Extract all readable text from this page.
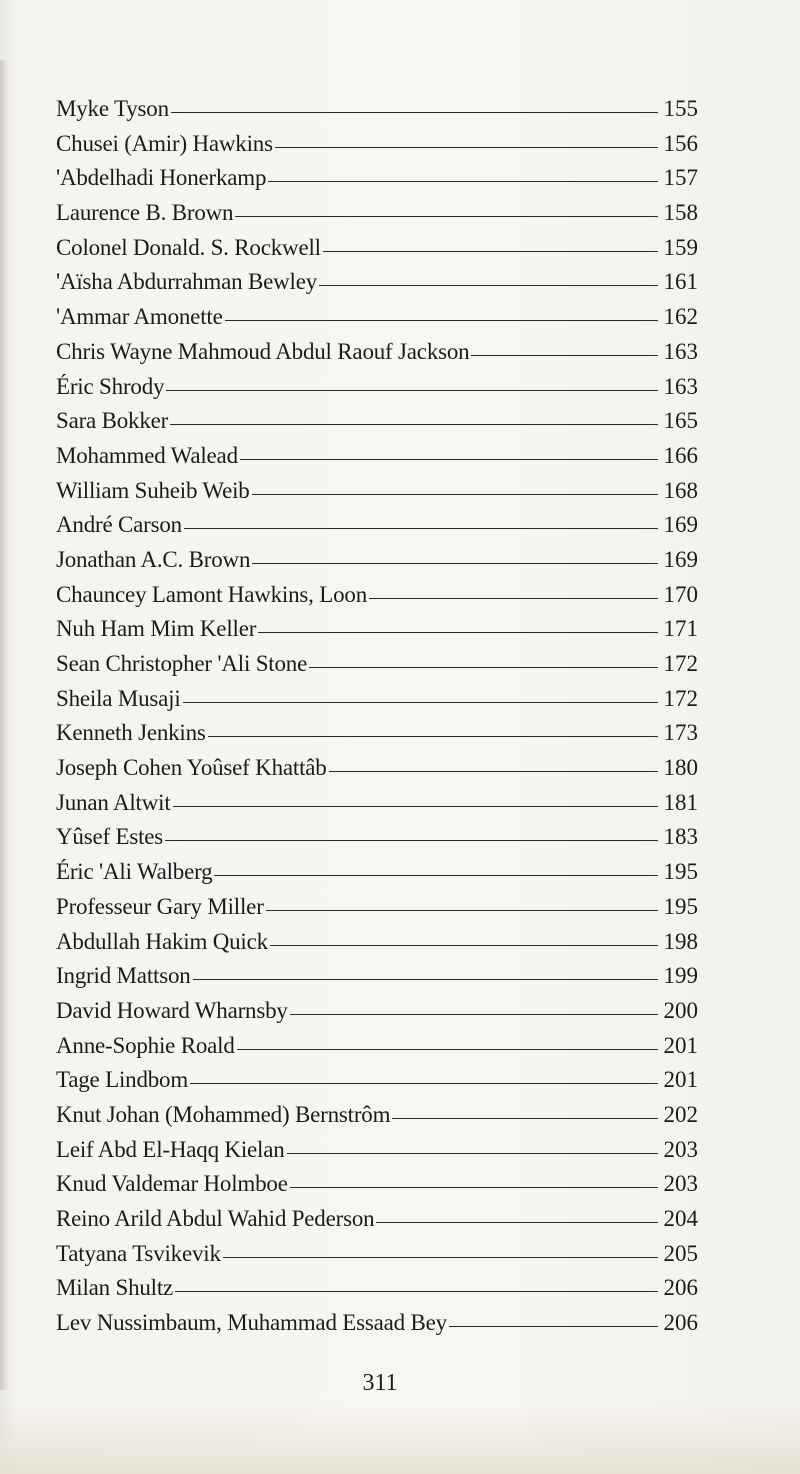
Myke Tyson	155
Chusei (Amir) Hawkins	156
'Abdelhadi Honerkamp	157
Laurence B. Brown	158
Colonel Donald. S. Rockwell	159
'Aïsha Abdurrahman Bewley	161
'Ammar Amonette	162
Chris Wayne Mahmoud Abdul Raouf Jackson	163
Éric Shrody	163
Sara Bokker	165
Mohammed Walead	166
William Suheib Weib	168
André Carson	169
Jonathan A.C. Brown	169
Chauncey Lamont Hawkins, Loon	170
Nuh Ham Mim Keller	171
Sean Christopher 'Ali Stone	172
Sheila Musaji	172
Kenneth Jenkins	173
Joseph Cohen Yoûsef Khattâb	180
Junan Altwit	181
Yûsef Estes	183
Éric 'Ali Walberg	195
Professeur Gary Miller	195
Abdullah Hakim Quick	198
Ingrid Mattson	199
David Howard Wharnsby	200
Anne-Sophie Roald	201
Tage Lindbom	201
Knut Johan (Mohammed) Bernstrôm	202
Leif Abd El-Haqq Kielan	203
Knud Valdemar Holmboe	203
Reino Arild Abdul Wahid Pederson	204
Tatyana Tsvikevik	205
Milan Shultz	206
Lev Nussimbaum, Muhammad Essaad Bey	206
311
